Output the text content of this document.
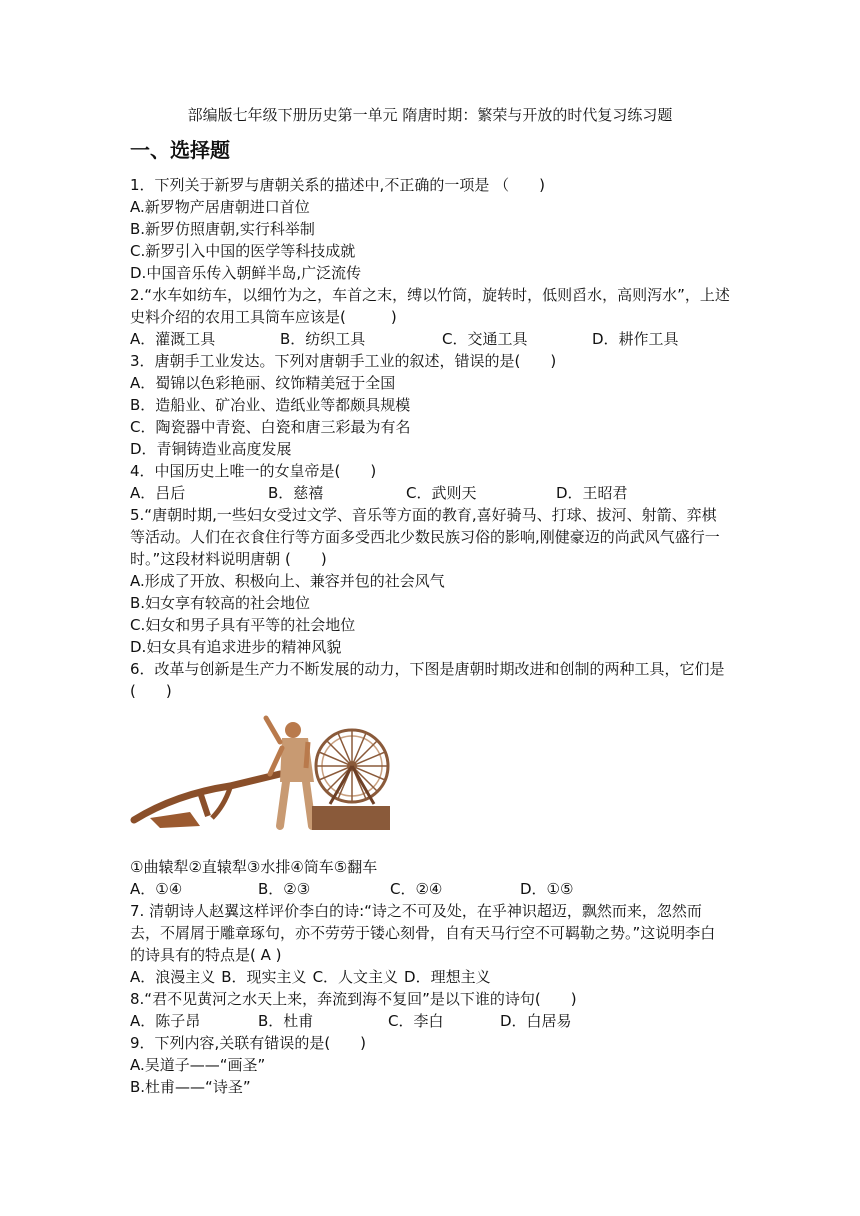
部编版七年级下册历史第一单元 隋唐时期：繁荣与开放的时代复习练习题
一、选择题
1．下列关于新罗与唐朝关系的描述中,不正确的一项是 （　　)
A.新罗物产居唐朝进口首位
B.新罗仿照唐朝,实行科举制
C.新罗引入中国的医学等科技成就
D.中国音乐传入朝鲜半岛,广泛流传
2.“水车如纺车，以细竹为之，车首之末，缚以竹筒，旋转时，低则舀水，高则泻水”，上述史料介绍的农用工具筒车应该是(　　　)
A．灌溉工具	B．纺织工具	C．交通工具	D．耕作工具
3．唐朝手工业发达。下列对唐朝手工业的叙述，错误的是(　　)
A．蜀锦以色彩艳丽、纹饰精美冠于全国
B．造船业、矿冶业、造纸业等都颇具规模
C．陶瓷器中青瓷、白瓷和唐三彩最为有名
D．青铜铸造业高度发展
4．中国历史上唯一的女皇帝是(　　)
A．吕后	B．慈禧	C．武则天	D．王昭君
5.“唐朝时期,一些妇女受过文学、音乐等方面的教育,喜好骑马、打球、拔河、射箭、弈棋等活动。人们在衣食住行等方面多受西北少数民族习俗的影响,刚健豪迈的尚武风气盛行一时。”这段材料说明唐朝 (　　)
A.形成了开放、积极向上、兼容并包的社会风气
B.妇女享有较高的社会地位
C.妇女和男子具有平等的社会地位
D.妇女具有追求进步的精神风貌
6．改革与创新是生产力不断发展的动力，下图是唐朝时期改进和创制的两种工具，它们是(　　)
①曲辕犁②直辕犁③水排④筒车⑤翻车
A．①④	B．②③	C．②④	D．①⑤
7. 清朝诗人赵翼这样评价李白的诗:“诗之不可及处，在乎神识超迈，飘然而来，忽然而去，不屑屑于雕章琢句，亦不劳劳于镂心刻骨，自有天马行空不可羁勒之势。”这说明李白的诗具有的特点是( A )
A．浪漫主义 B．现实主义 C．人文主义 D．理想主义
8.“君不见黄河之水天上来，奔流到海不复回”是以下谁的诗句(　　)
A．陈子昂	B．杜甫	C．李白	D．白居易
9．下列内容,关联有错误的是(　　)
A.吴道子——“画圣”
B.杜甫——“诗圣”
